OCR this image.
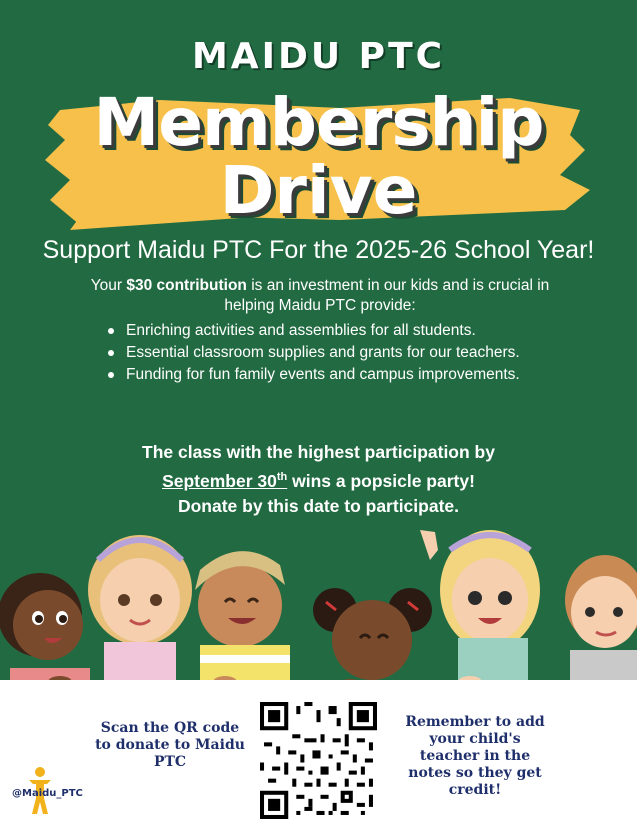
MAIDU PTC
Membership
Drive
Support Maidu PTC For the 2025-26 School Year!
Your $30 contribution is an investment in our kids and is crucial in helping Maidu PTC provide:
Enriching activities and assemblies for all students.
Essential classroom supplies and grants for our teachers.
Funding for fun family events and campus improvements.
The class with the highest participation by
September 30th wins a popsicle party!
Donate by this date to participate.
Scan the QR code to donate to Maidu PTC
Remember to add your child's teacher in the notes so they get credit!
@Maidu_PTC
